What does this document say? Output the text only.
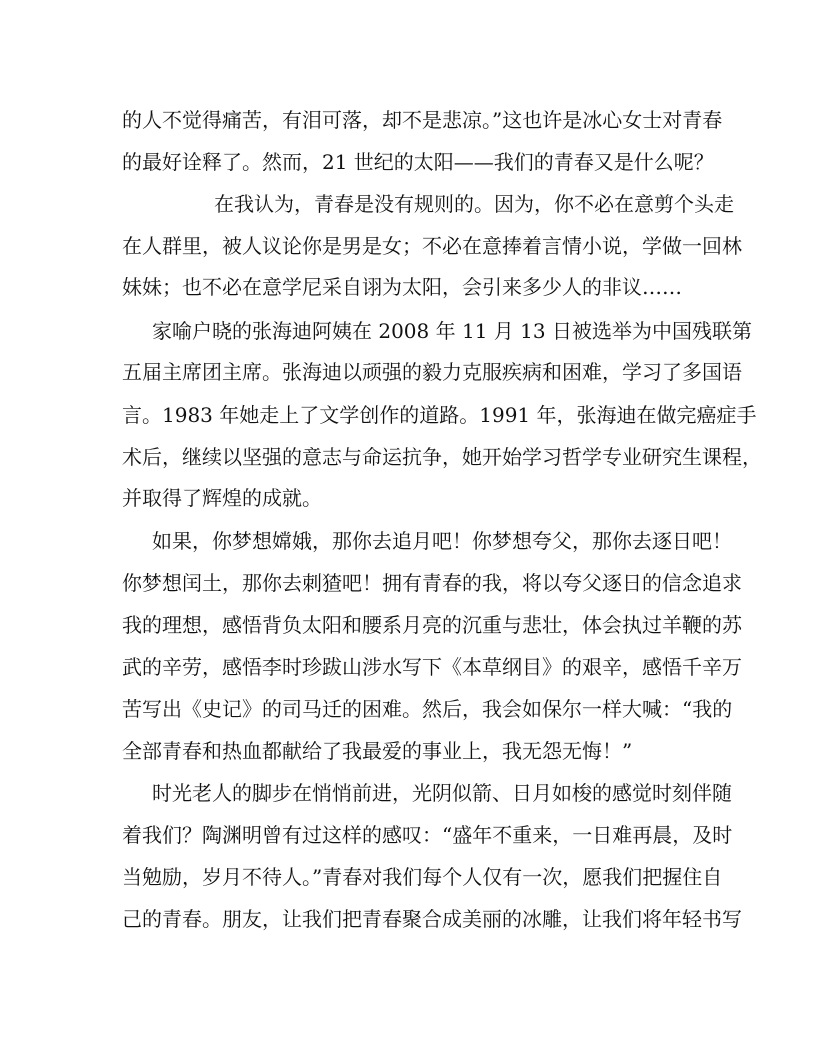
的人不觉得痛苦，有泪可落，却不是悲凉。”这也许是冰心女士对青春
的最好诠释了。然而，21 世纪的太阳——我们的青春又是什么呢？
在我认为，青春是没有规则的。因为，你不必在意剪个头走
在人群里，被人议论你是男是女；不必在意捧着言情小说，学做一回林
妹妹；也不必在意学尼采自诩为太阳，会引来多少人的非议……
家喻户晓的张海迪阿姨在 2008 年 11 月 13 日被选举为中国残联第
五届主席团主席。张海迪以顽强的毅力克服疾病和困难，学习了多国语
言。1983 年她走上了文学创作的道路。1991 年，张海迪在做完癌症手
术后，继续以坚强的意志与命运抗争，她开始学习哲学专业研究生课程，
并取得了辉煌的成就。
如果，你梦想嫦娥，那你去追月吧！你梦想夸父，那你去逐日吧！
你梦想闰土，那你去刺猹吧！拥有青春的我，将以夸父逐日的信念追求
我的理想，感悟背负太阳和腰系月亮的沉重与悲壮，体会执过羊鞭的苏
武的辛劳，感悟李时珍跋山涉水写下《本草纲目》的艰辛，感悟千辛万
苦写出《史记》的司马迁的困难。然后，我会如保尔一样大喊：“我的
全部青春和热血都献给了我最爱的事业上，我无怨无悔！”
时光老人的脚步在悄悄前进，光阴似箭、日月如梭的感觉时刻伴随
着我们？陶渊明曾有过这样的感叹：“盛年不重来，一日难再晨，及时
当勉励，岁月不待人。”青春对我们每个人仅有一次，愿我们把握住自
己的青春。朋友，让我们把青春聚合成美丽的冰雕，让我们将年轻书写
